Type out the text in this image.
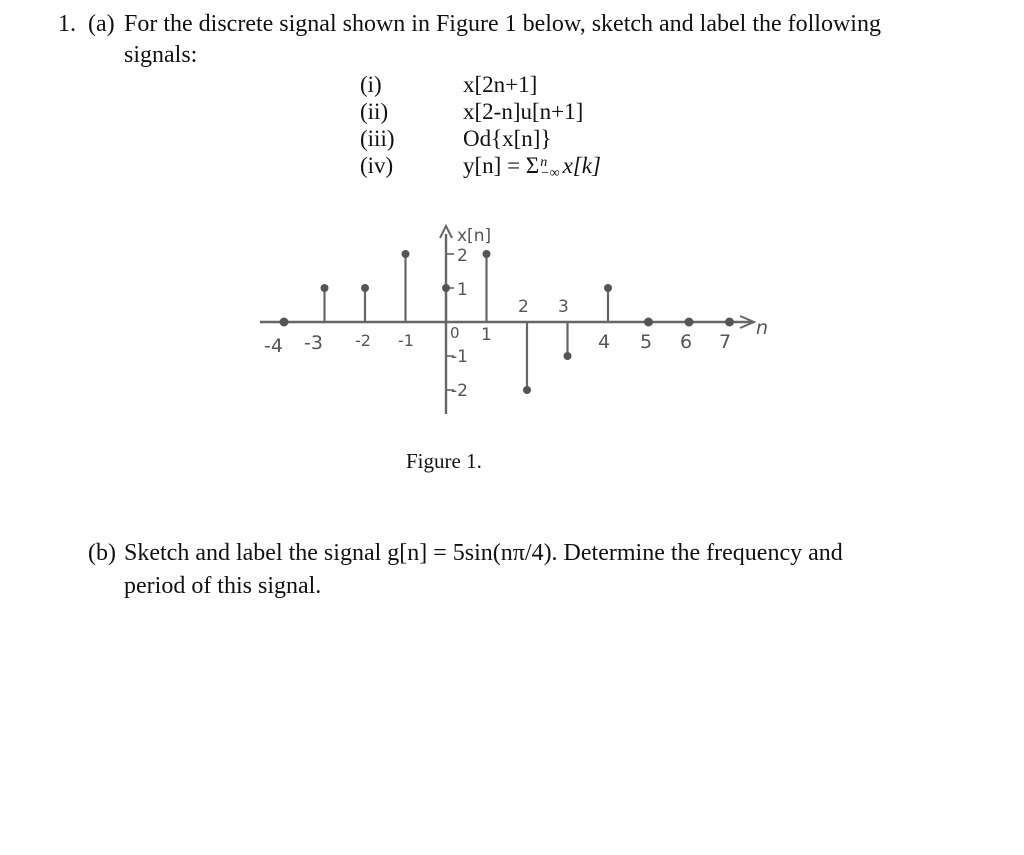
1. (a) For the discrete signal shown in Figure 1 below, sketch and label the following
signals:
(i)	x[2n+1]
(ii)	x[2-n]u[n+1]
(iii)	Od{x[n]}
(iv)	y[n] = Σ n
−∞ x[k]
x[n]
n
2
1
-1
-2
-4 -3 -2 -1 0 1
2 3
4 5 6 7
Figure 1.
(b) Sketch and label the signal g[n] = 5sin(nπ/4). Determine the frequency and
period of this signal.
